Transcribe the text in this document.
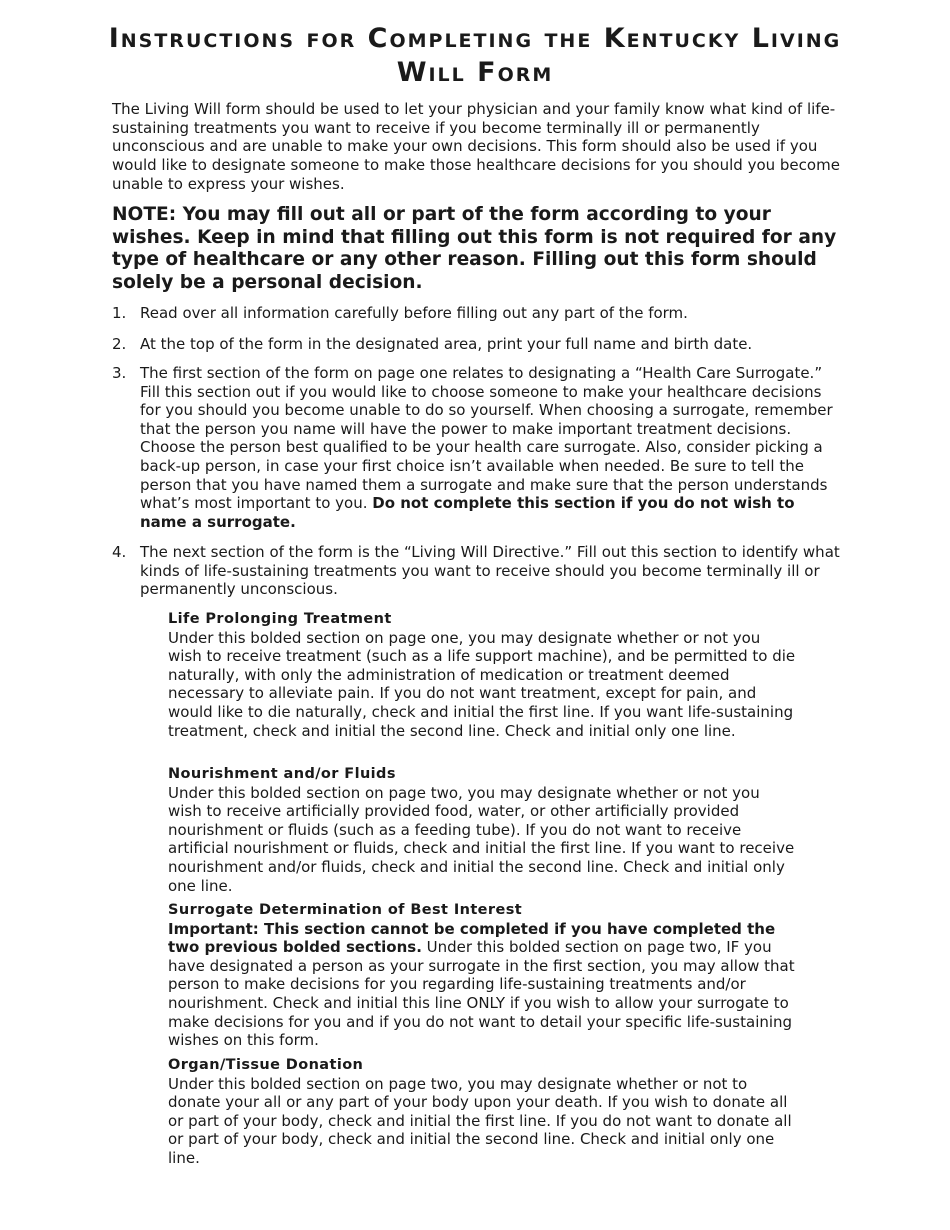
Instructions for Completing the Kentucky Living Will Form

The Living Will form should be used to let your physician and your family know what kind of life-sustaining treatments you want to receive if you become terminally ill or permanently unconscious and are unable to make your own decisions. This form should also be used if you would like to designate someone to make those healthcare decisions for you should you become unable to express your wishes.

NOTE: You may fill out all or part of the form according to your wishes. Keep in mind that filling out this form is not required for any type of healthcare or any other reason. Filling out this form should solely be a personal decision.

1. Read over all information carefully before filling out any part of the form.
2. At the top of the form in the designated area, print your full name and birth date.
3. The first section of the form on page one relates to designating a “Health Care Surrogate.” Fill this section out if you would like to choose someone to make your healthcare decisions for you should you become unable to do so yourself. When choosing a surrogate, remember that the person you name will have the power to make important treatment decisions. Choose the person best qualified to be your health care surrogate. Also, consider picking a back-up person, in case your first choice isn’t available when needed. Be sure to tell the person that you have named them a surrogate and make sure that the person understands what’s most important to you. Do not complete this section if you do not wish to name a surrogate.
4. The next section of the form is the “Living Will Directive.” Fill out this section to identify what kinds of life-sustaining treatments you want to receive should you become terminally ill or permanently unconscious.
Life Prolonging Treatment
Under this bolded section on page one, you may designate whether or not you wish to receive treatment (such as a life support machine), and be permitted to die naturally, with only the administration of medication or treatment deemed necessary to alleviate pain. If you do not want treatment, except for pain, and would like to die naturally, check and initial the first line. If you want life-sustaining treatment, check and initial the second line. Check and initial only one line.
Nourishment and/or Fluids
Under this bolded section on page two, you may designate whether or not you wish to receive artificially provided food, water, or other artificially provided nourishment or fluids (such as a feeding tube). If you do not want to receive artificial nourishment or fluids, check and initial the first line. If you want to receive nourishment and/or fluids, check and initial the second line. Check and initial only one line.
Surrogate Determination of Best Interest
Important: This section cannot be completed if you have completed the two previous bolded sections. Under this bolded section on page two, IF you have designated a person as your surrogate in the first section, you may allow that person to make decisions for you regarding life-sustaining treatments and/or nourishment. Check and initial this line ONLY if you wish to allow your surrogate to make decisions for you and if you do not want to detail your specific life-sustaining wishes on this form.
Organ/Tissue Donation
Under this bolded section on page two, you may designate whether or not to donate your all or any part of your body upon your death. If you wish to donate all or part of your body, check and initial the first line. If you do not want to donate all or part of your body, check and initial the second line. Check and initial only one line.
